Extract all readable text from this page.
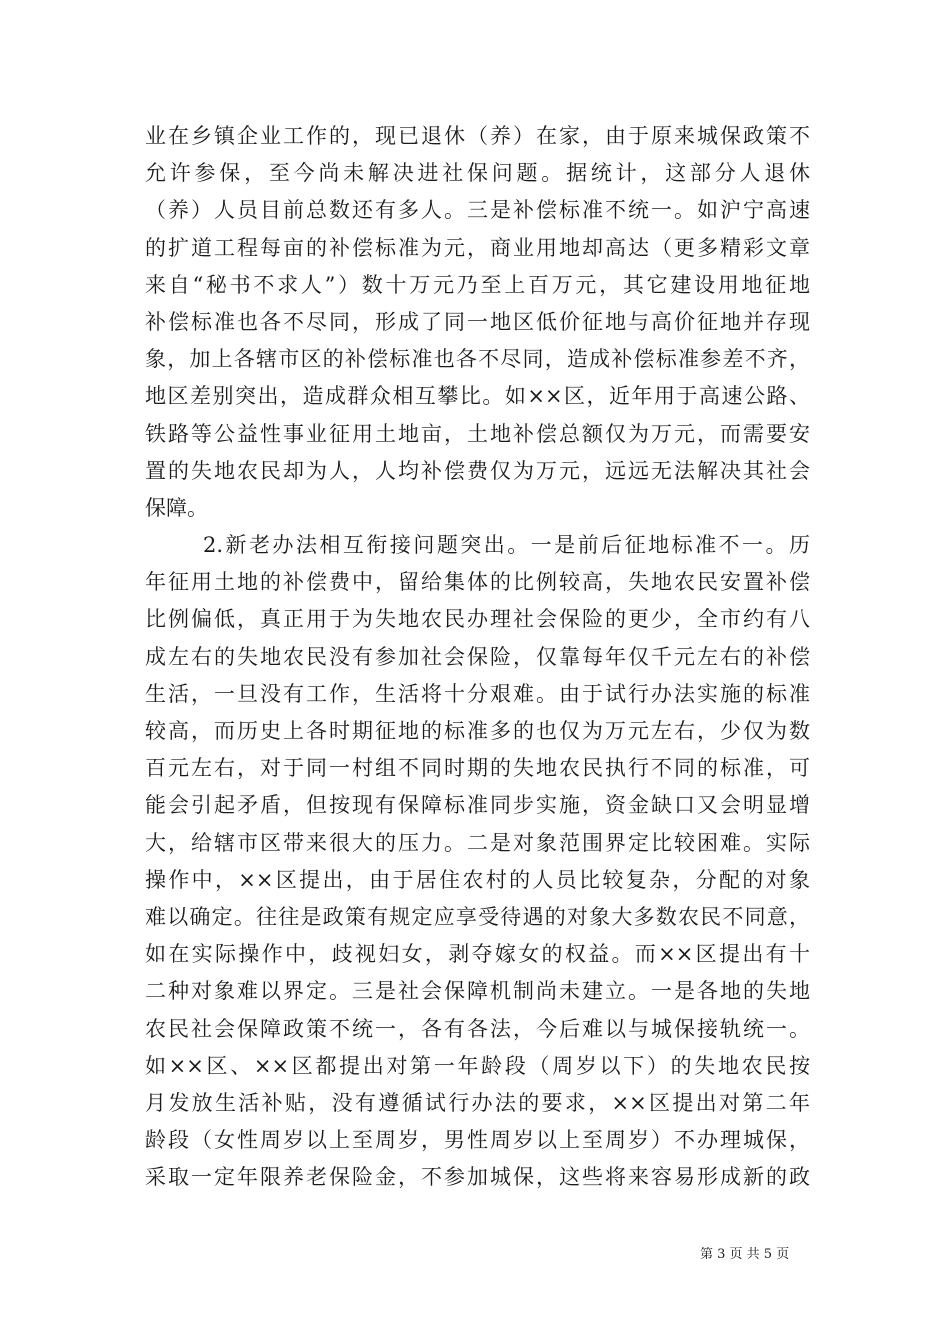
业在乡镇企业工作的，现已退休（养）在家，由于原来城保政策不
允许参保，至今尚未解决进社保问题。据统计，这部分人退休
（养）人员目前总数还有多人。三是补偿标准不统一。如沪宁高速
的扩道工程每亩的补偿标准为元，商业用地却高达（更多精彩文章
来自“秘书不求人”）数十万元乃至上百万元，其它建设用地征地
补偿标准也各不尽同，形成了同一地区低价征地与高价征地并存现
象，加上各辖市区的补偿标准也各不尽同，造成补偿标准参差不齐，
地区差别突出，造成群众相互攀比。如××区，近年用于高速公路、
铁路等公益性事业征用土地亩，土地补偿总额仅为万元，而需要安
置的失地农民却为人，人均补偿费仅为万元，远远无法解决其社会
保障。
2.新老办法相互衔接问题突出。一是前后征地标准不一。历
年征用土地的补偿费中，留给集体的比例较高，失地农民安置补偿
比例偏低，真正用于为失地农民办理社会保险的更少，全市约有八
成左右的失地农民没有参加社会保险，仅靠每年仅千元左右的补偿
生活，一旦没有工作，生活将十分艰难。由于试行办法实施的标准
较高，而历史上各时期征地的标准多的也仅为万元左右，少仅为数
百元左右，对于同一村组不同时期的失地农民执行不同的标准，可
能会引起矛盾，但按现有保障标准同步实施，资金缺口又会明显增
大，给辖市区带来很大的压力。二是对象范围界定比较困难。实际
操作中，××区提出，由于居住农村的人员比较复杂，分配的对象
难以确定。往往是政策有规定应享受待遇的对象大多数农民不同意，
如在实际操作中，歧视妇女，剥夺嫁女的权益。而××区提出有十
二种对象难以界定。三是社会保障机制尚未建立。一是各地的失地
农民社会保障政策不统一，各有各法，今后难以与城保接轨统一。
如××区、××区都提出对第一年龄段（周岁以下）的失地农民按
月发放生活补贴，没有遵循试行办法的要求，××区提出对第二年
龄段（女性周岁以上至周岁，男性周岁以上至周岁）不办理城保，
采取一定年限养老保险金，不参加城保，这些将来容易形成新的政
第 3 页 共 5 页
